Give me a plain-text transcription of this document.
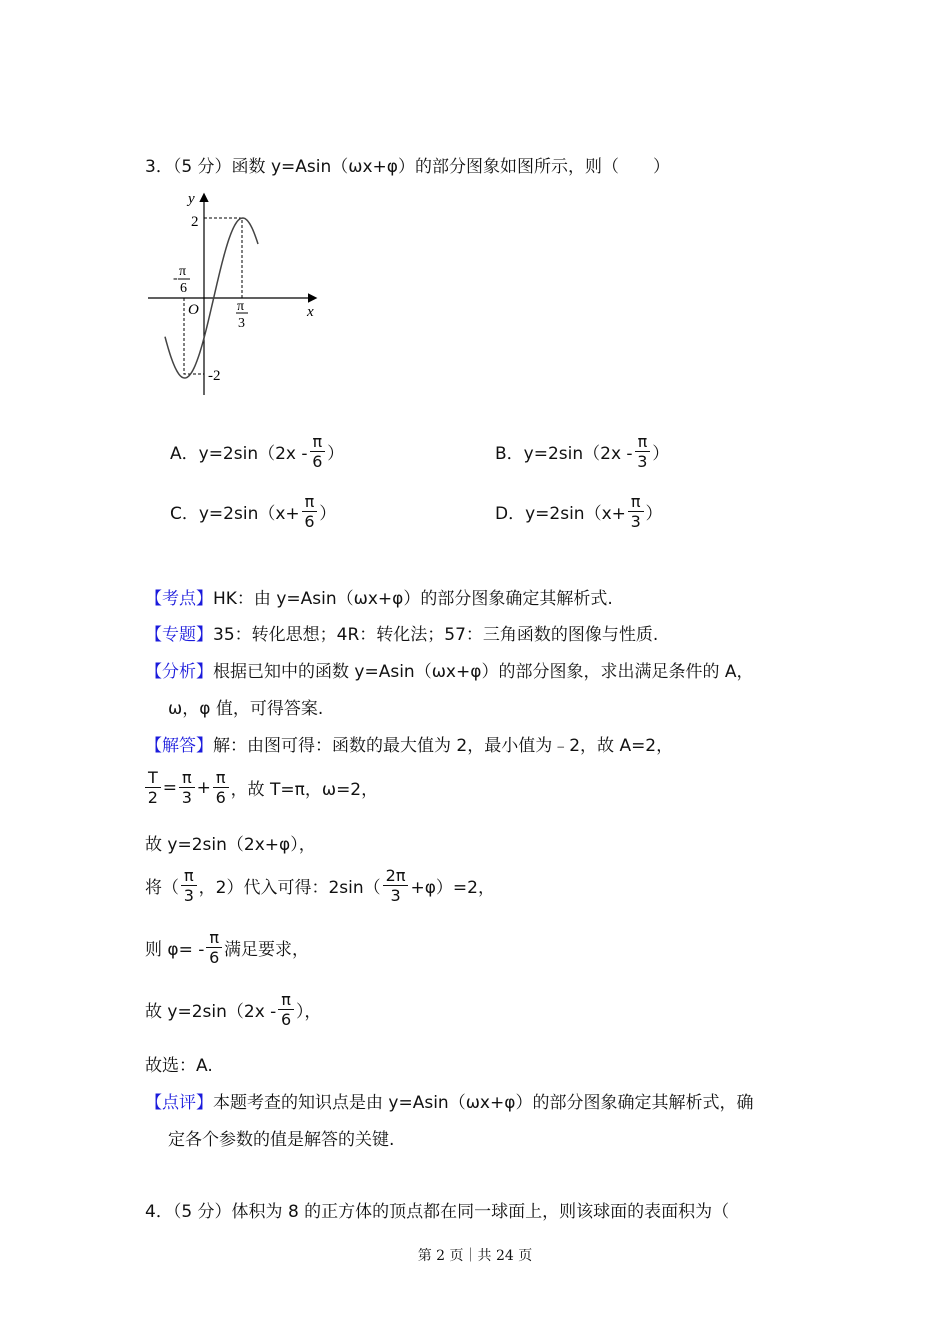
3．（5 分）函数 y=Asin（ωx+φ）的部分图象如图所示，则（　　）
y
x
O
2
-2
- π
6
π
3
A．$y=2\sin(2x - \frac{\pi}{6}$ ）	B．$y=2\sin(2x - \frac{\pi}{3}$ ）
C．$y=2\sin(x+ \frac{\pi}{6}$ ）	D．$y=2\sin(x+ \frac{\pi}{3}$ ）
【考点】 HK：由 y=Asin（ωx+φ）的部分图象确定其解析式.
【专题】 35：转化思想；4R：转化法；57：三角函数的图像与性质.
【分析】 根据已知中的函数 y=Asin（ωx+φ）的部分图象，求出满足条件的 A，
ω，φ 值，可得答案.
【解答】 解：由图可得：函数的最大值为 2，最小值为﹣2，故 A=2，
$\frac{T}{2} = \frac{\pi}{3} + \frac{\pi}{6}$ ，故 T=π，ω=2，
故 y=2sin（2x+φ），
将（ $\frac{\pi}{3}$ ，2）代入可得：$2\sin( \frac{2\pi}{3} +\varphi)=2$，
则 $\varphi= - \frac{\pi}{6}$ 满足要求，
故 $y=2\sin(2x - \frac{\pi}{6}$ ），
故选：A.
【点评】 本题考查的知识点是由 y=Asin（ωx+φ）的部分图象确定其解析式，确
定各个参数的值是解答的关键.
4．（5 分）体积为 8 的正方体的顶点都在同一球面上，则该球面的表面积为（
第 2 页｜共 24 页
